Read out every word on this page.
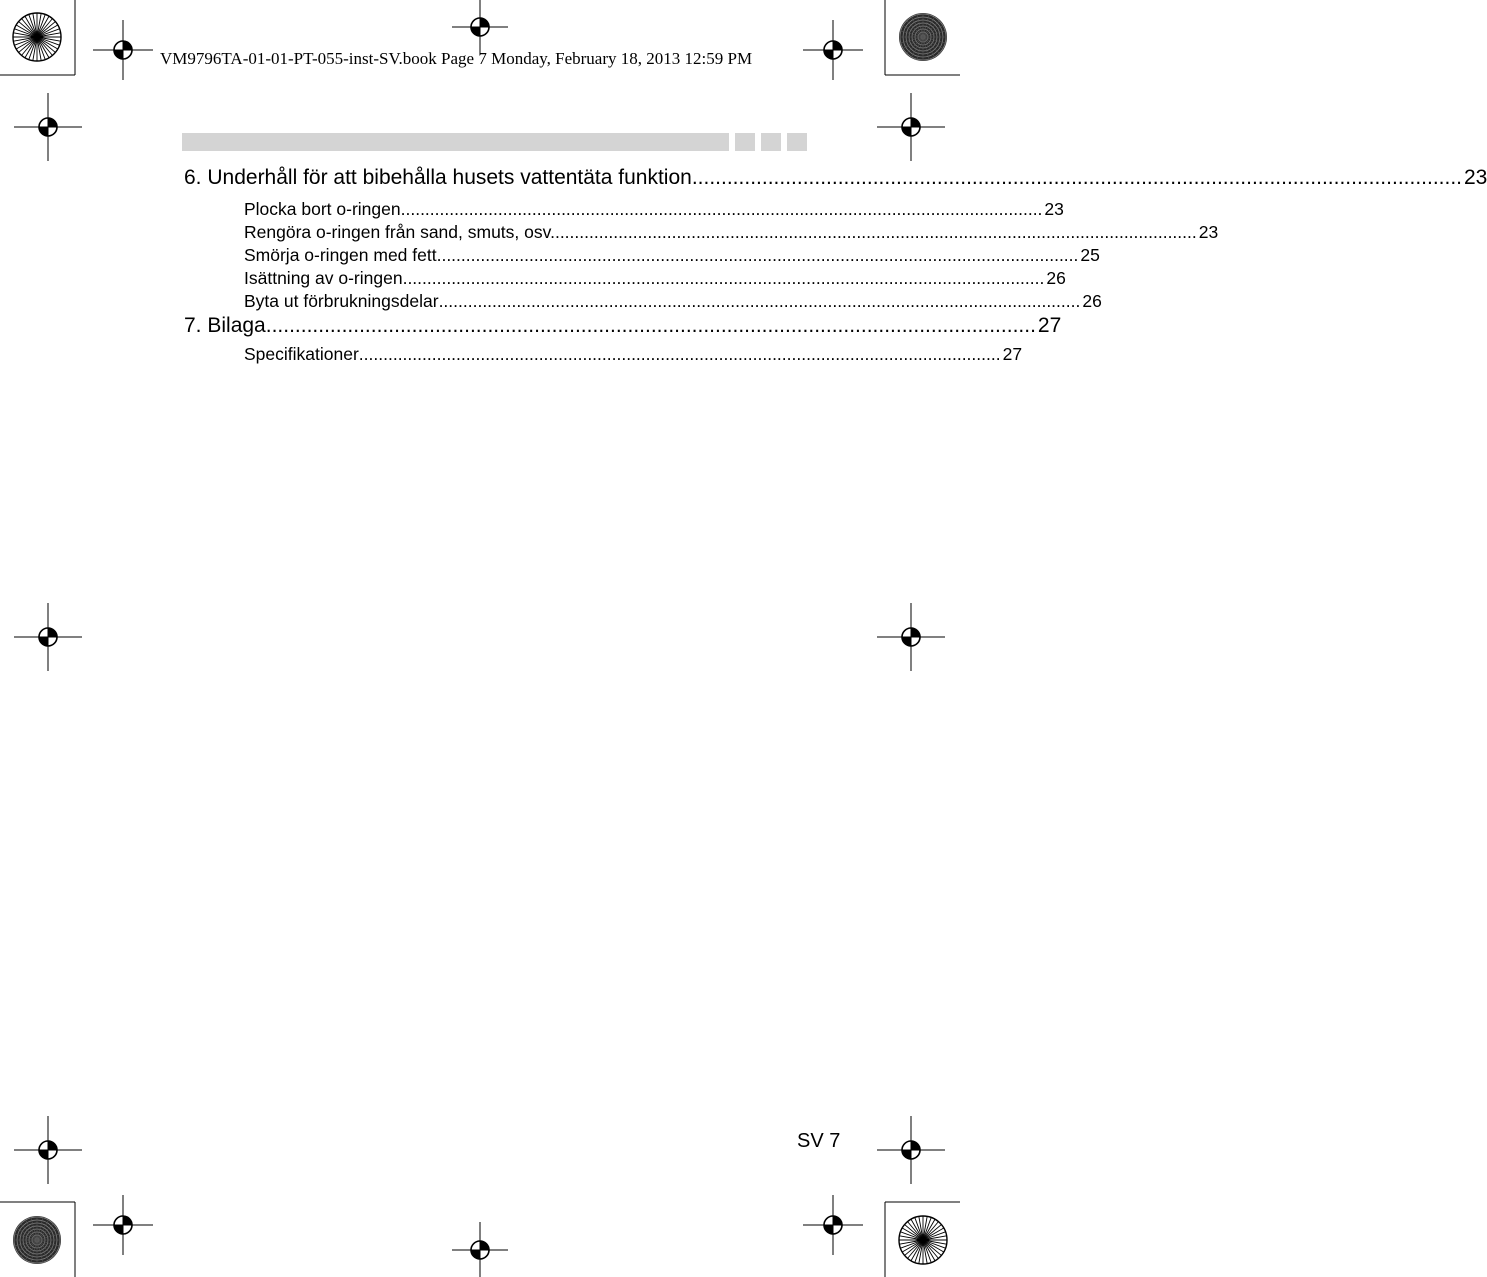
VM9796TA-01-01-PT-055-inst-SV.book Page 7 Monday, February 18, 2013 12:59 PM
6. Underhåll för att bibehålla husets vattentäta funktion .................................................................................................................................... 23
Plocka bort o-ringen .................................................................................................................................... 23
Rengöra o-ringen från sand, smuts, osv. .................................................................................................................................... 23
Smörja o-ringen med fett .................................................................................................................................... 25
Isättning av o-ringen .................................................................................................................................... 26
Byta ut förbrukningsdelar .................................................................................................................................... 26
7. Bilaga .................................................................................................................................... 27
Specifikationer .................................................................................................................................... 27
SV 7
